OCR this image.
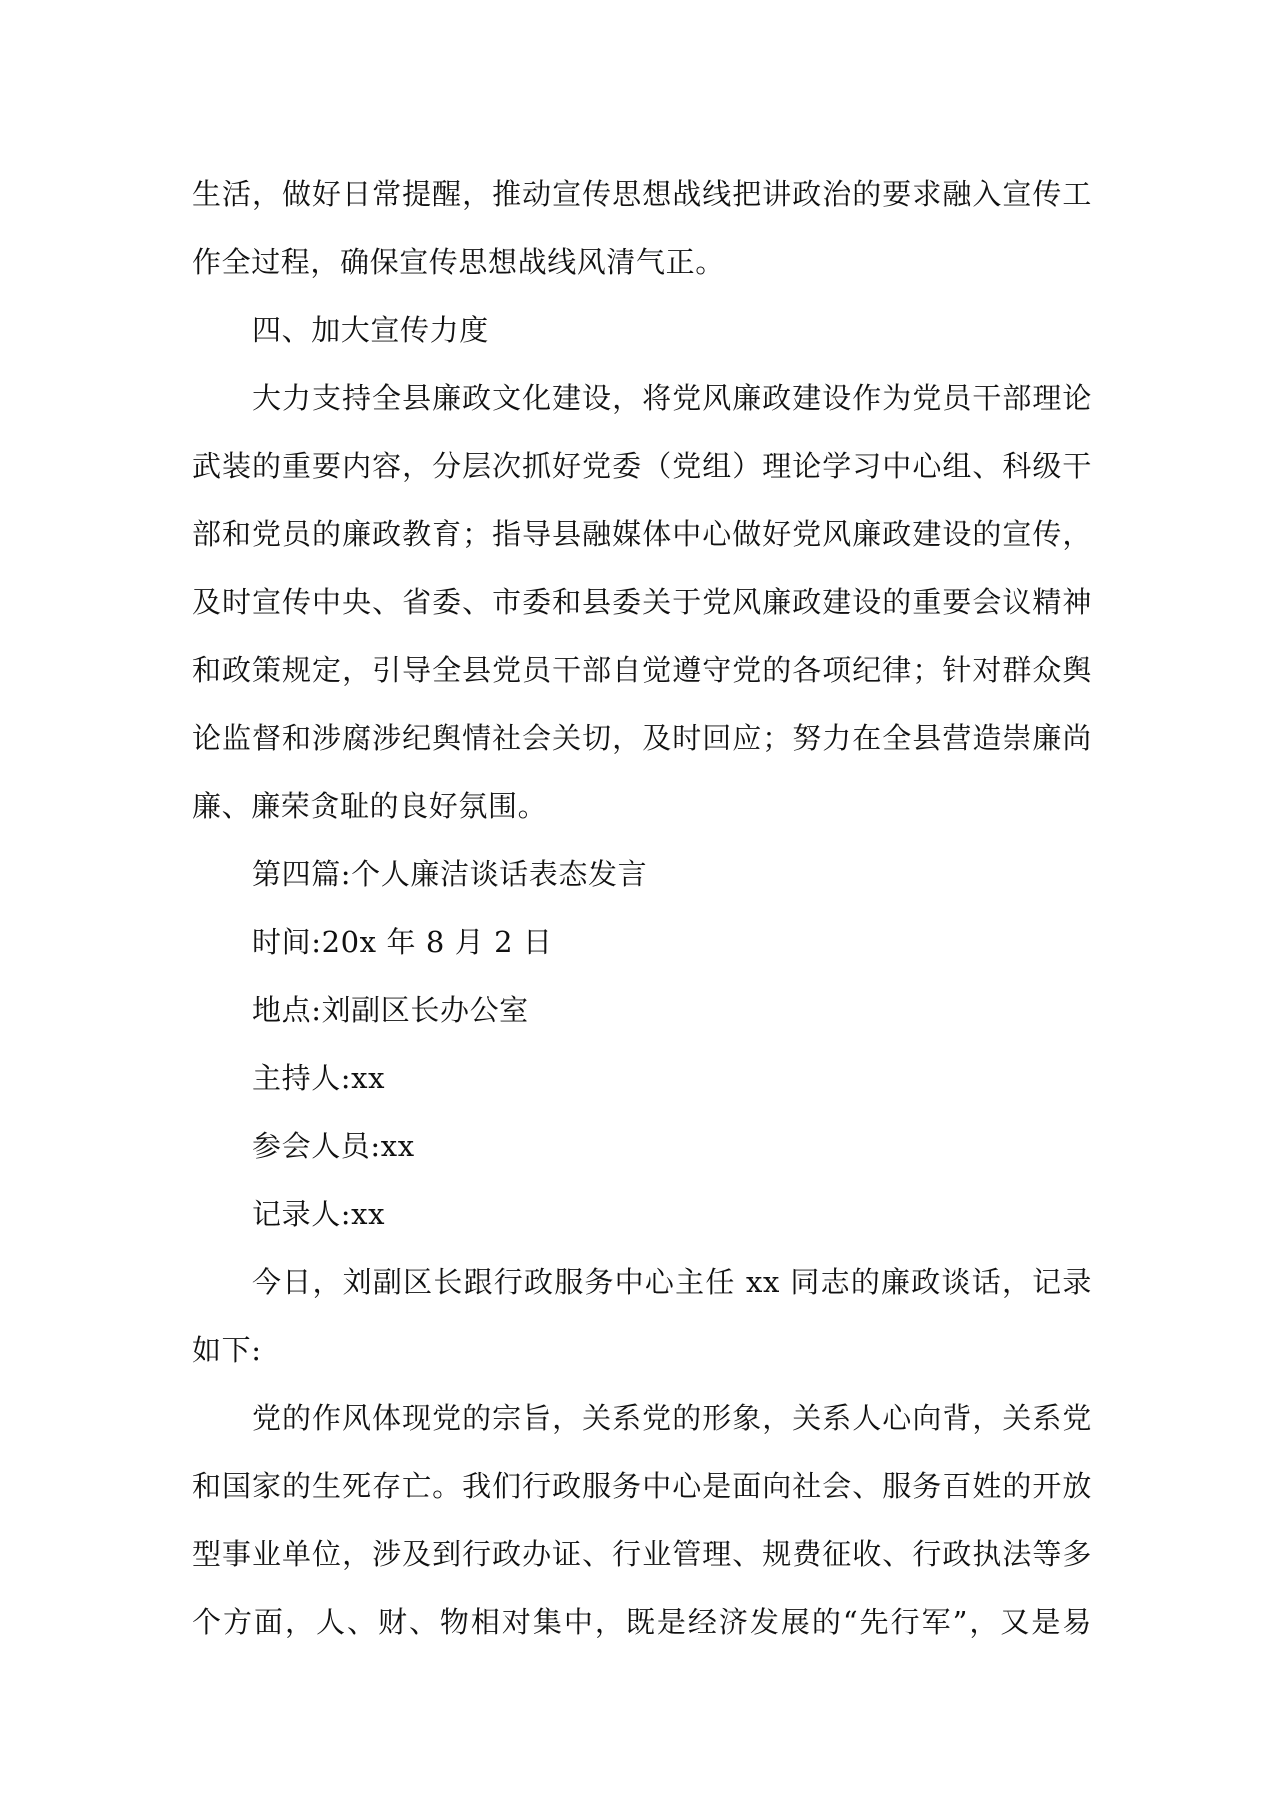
生活，做好日常提醒，推动宣传思想战线把讲政治的要求融入宣传工
作全过程，确保宣传思想战线风清气正。
四、加大宣传力度
大力支持全县廉政文化建设，将党风廉政建设作为党员干部理论
武装的重要内容，分层次抓好党委（党组）理论学习中心组、科级干
部和党员的廉政教育；指导县融媒体中心做好党风廉政建设的宣传，
及时宣传中央、省委、市委和县委关于党风廉政建设的重要会议精神
和政策规定，引导全县党员干部自觉遵守党的各项纪律；针对群众舆
论监督和涉腐涉纪舆情社会关切，及时回应；努力在全县营造崇廉尚
廉、廉荣贪耻的良好氛围。
第四篇:个人廉洁谈话表态发言
时间:20x 年 8 月 2 日
地点:刘副区长办公室
主持人:xx
参会人员:xx
记录人:xx
今日，刘副区长跟行政服务中心主任 xx 同志的廉政谈话，记录
如下:
党的作风体现党的宗旨，关系党的形象，关系人心向背，关系党
和国家的生死存亡。我们行政服务中心是面向社会、服务百姓的开放
型事业单位，涉及到行政办证、行业管理、规费征收、行政执法等多
个方面，人、财、物相对集中，既是经济发展的“先行军”，又是易
